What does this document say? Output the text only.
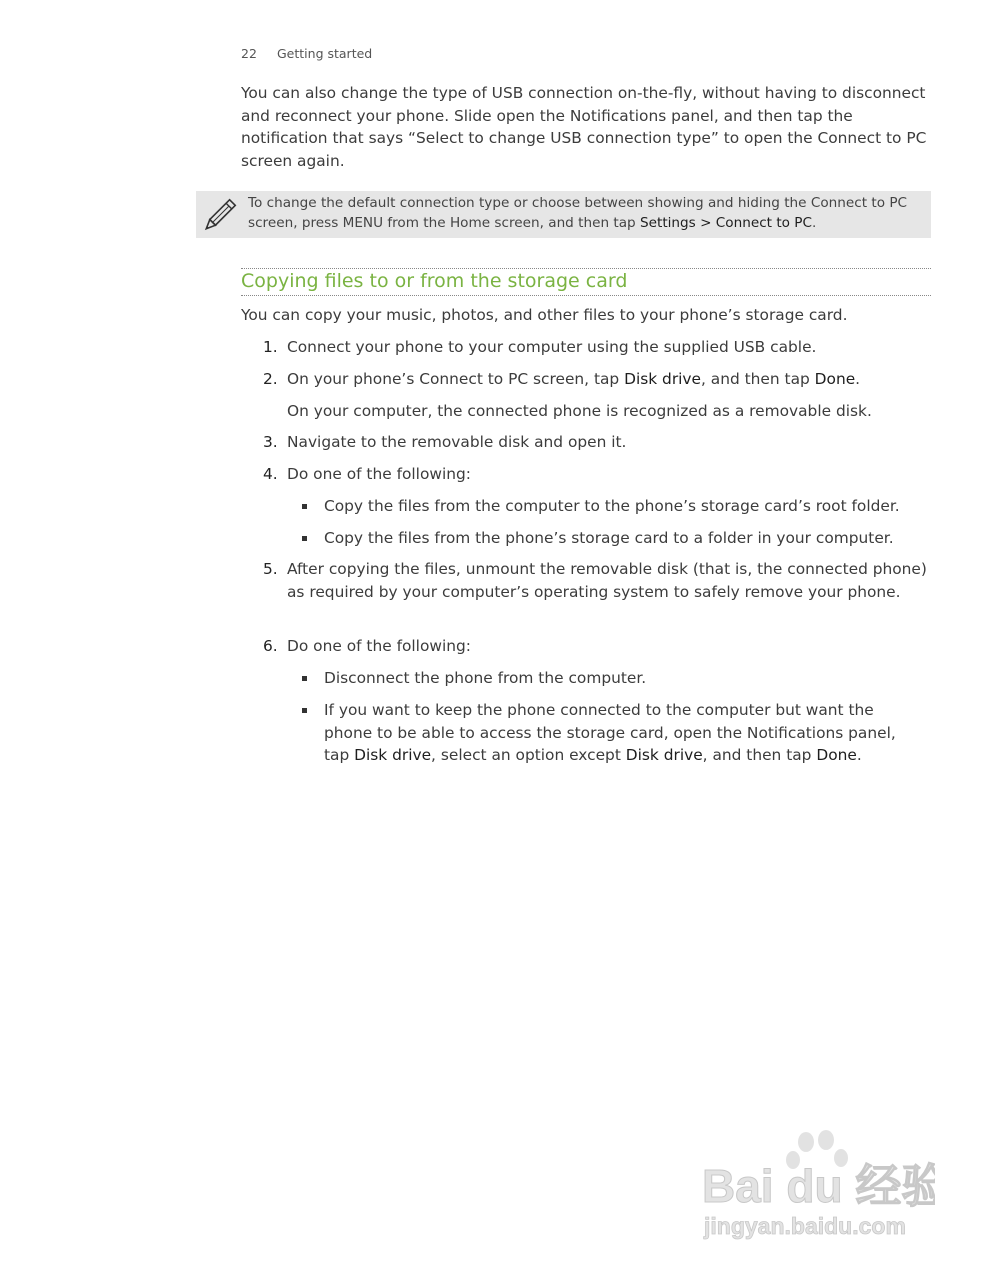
22 Getting started

You can also change the type of USB connection on-the-fly, without having to disconnect and reconnect your phone. Slide open the Notifications panel, and then tap the notification that says “Select to change USB connection type” to open the Connect to PC screen again.

To change the default connection type or choose between showing and hiding the Connect to PC screen, press MENU from the Home screen, and then tap Settings > Connect to PC.
Copying files to or from the storage card

You can copy your music, photos, and other files to your phone’s storage card.

1. Connect your phone to your computer using the supplied USB cable.
2. On your phone’s Connect to PC screen, tap Disk drive, and then tap Done.
On your computer, the connected phone is recognized as a removable disk.
3. Navigate to the removable disk and open it.
4. Do one of the following:
Copy the files from the computer to the phone’s storage card’s root folder.
Copy the files from the phone’s storage card to a folder in your computer.
5. After copying the files, unmount the removable disk (that is, the connected phone) as required by your computer’s operating system to safely remove your phone.
6. Do one of the following:
Disconnect the phone from the computer.
If you want to keep the phone connected to the computer but want the phone to be able to access the storage card, open the Notifications panel, tap Disk drive, select an option except Disk drive, and then tap Done.
Bai du 经验
jingyan.baidu.com
